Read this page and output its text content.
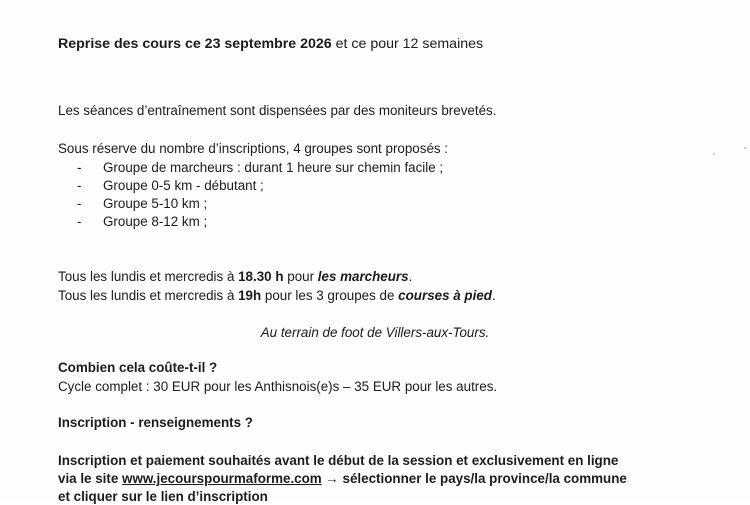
Reprise des cours ce 23 septembre 2026 et ce pour 12 semaines
Les séances d’entraînement sont dispensées par des moniteurs brevetés.
Sous réserve du nombre d’inscriptions, 4 groupes sont proposés :
- Groupe de marcheurs : durant 1 heure sur chemin facile ;
- Groupe 0-5 km - débutant ;
- Groupe 5-10 km ;
- Groupe 8-12 km ;
Tous les lundis et mercredis à 18.30 h pour les marcheurs.
Tous les lundis et mercredis à 19h pour les 3 groupes de courses à pied.
Au terrain de foot de Villers-aux-Tours.
Combien cela coûte-t-il ?
Cycle complet : 30 EUR pour les Anthisnois(e)s – 35 EUR pour les autres.
Inscription - renseignements ?
Inscription et paiement souhaités avant le début de la session et exclusivement en ligne
via le site www.jecourspourmaforme.com → sélectionner le pays/la province/la commune
et cliquer sur le lien d’inscription
